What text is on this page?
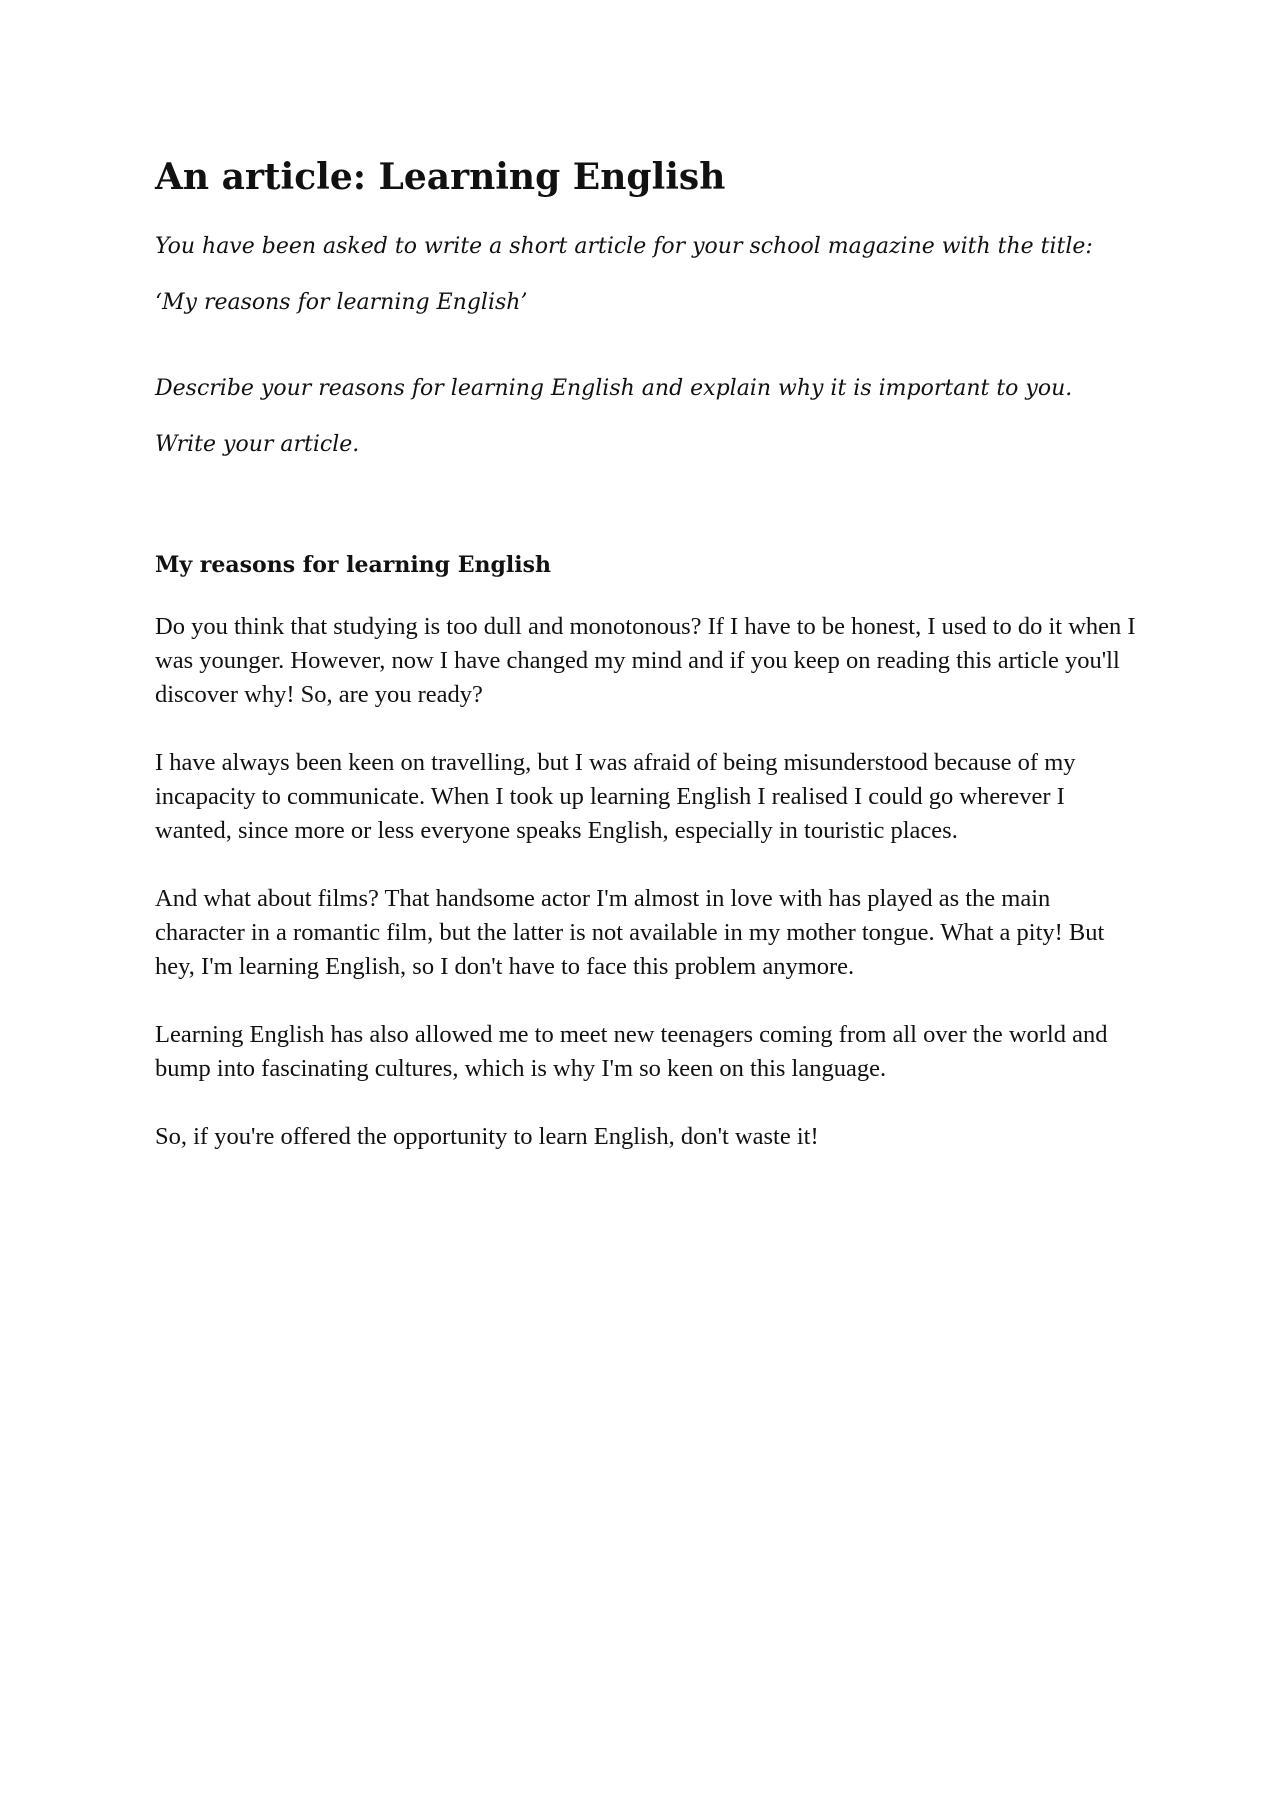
An article: Learning English

You have been asked to write a short article for your school magazine with the title:

‘My reasons for learning English’

Describe your reasons for learning English and explain why it is important to you.

Write your article.

My reasons for learning English

Do you think that studying is too dull and monotonous? If I have to be honest, I used to do it when I was younger. However, now I have changed my mind and if you keep on reading this article you'll discover why! So, are you ready?

I have always been keen on travelling, but I was afraid of being misunderstood because of my incapacity to communicate. When I took up learning English I realised I could go wherever I wanted, since more or less everyone speaks English, especially in touristic places.

And what about films? That handsome actor I'm almost in love with has played as the main character in a romantic film, but the latter is not available in my mother tongue. What a pity! But hey, I'm learning English, so I don't have to face this problem anymore.

Learning English has also allowed me to meet new teenagers coming from all over the world and bump into fascinating cultures, which is why I'm so keen on this language.

So, if you're offered the opportunity to learn English, don't waste it!
